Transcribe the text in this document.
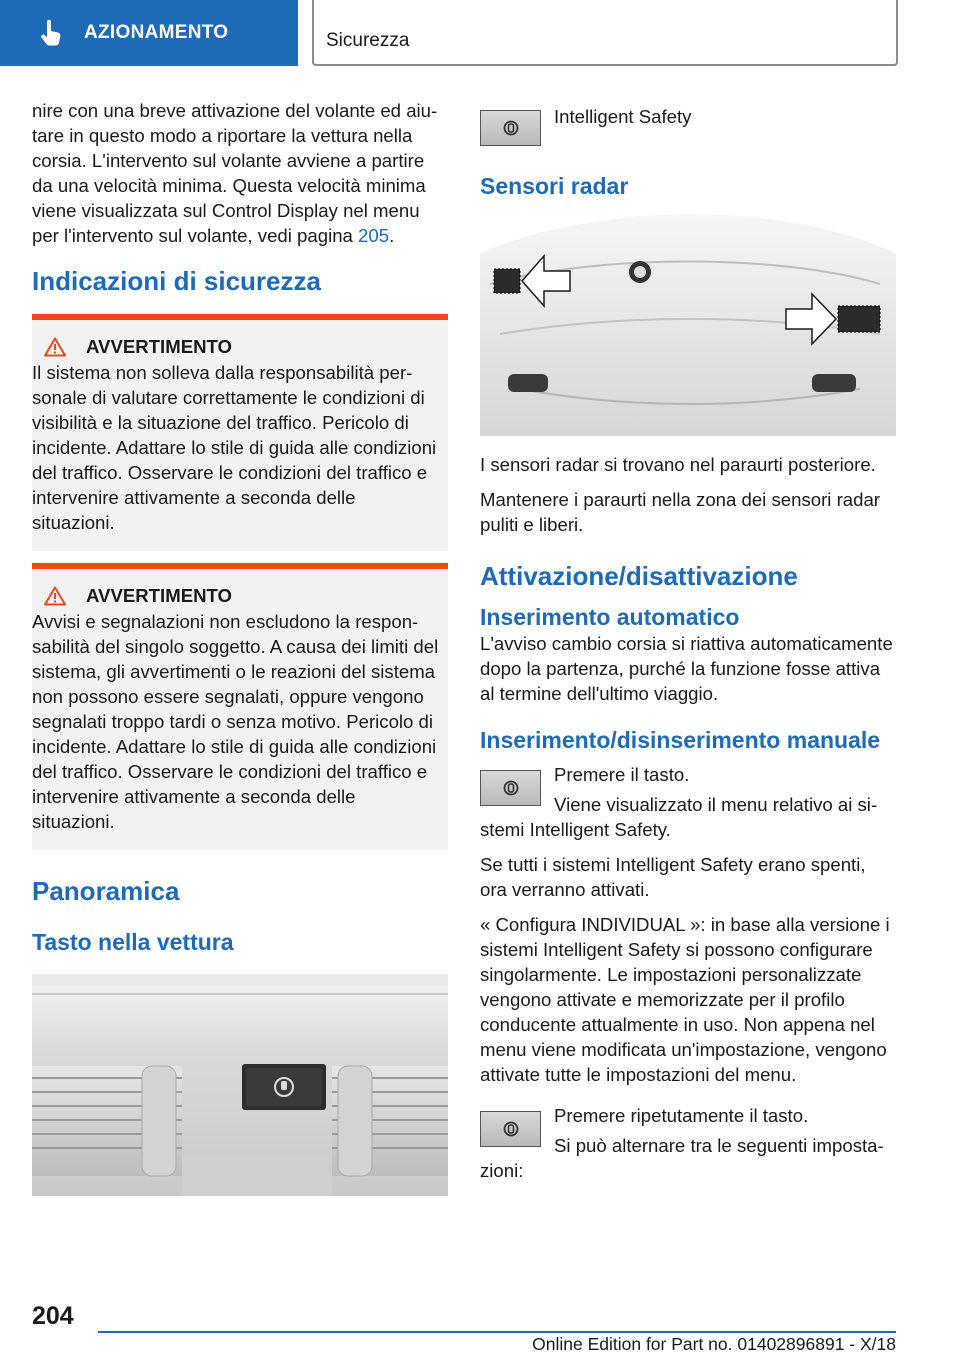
AZIONAMENTO	Sicurezza

nire con una breve attivazione del volante ed aiutare in questo modo a riportare la vettura nella corsia. L'intervento sul volante avviene a partire da una velocità minima. Questa velocità minima viene visualizzata sul Control Display nel menu per l'intervento sul volante, vedi pagina 205.

Indicazioni di sicurezza
AVVERTIMENTO

Il sistema non solleva dalla responsabilità personale di valutare correttamente le condizioni di visibilità e la situazione del traffico. Pericolo di incidente. Adattare lo stile di guida alle condizioni del traffico. Osservare le condizioni del traffico e intervenire attivamente a seconda delle situazioni.

AVVERTIMENTO

Avvisi e segnalazioni non escludono la responsabilità del singolo soggetto. A causa dei limiti del sistema, gli avvertimenti o le reazioni del sistema non possono essere segnalati, oppure vengono segnalati troppo tardi o senza motivo. Pericolo di incidente. Adattare lo stile di guida alle condizioni del traffico. Osservare le condizioni del traffico e intervenire attivamente a seconda delle situazioni.

Panoramica
Tasto nella vettura

Intelligent Safety

Sensori radar

I sensori radar si trovano nel paraurti posteriore.

Mantenere i paraurti nella zona dei sensori radar puliti e liberi.

Attivazione/disattivazione
Inserimento automatico

L'avviso cambio corsia si riattiva automaticamente dopo la partenza, purché la funzione fosse attiva al termine dell'ultimo viaggio.

Inserimento/disinserimento manuale

Premere il tasto.

Viene visualizzato il menu relativo ai sistemi Intelligent Safety.

Se tutti i sistemi Intelligent Safety erano spenti, ora verranno attivati.

« Configura INDIVIDUAL »: in base alla versione i sistemi Intelligent Safety si possono configurare singolarmente. Le impostazioni personalizzate vengono attivate e memorizzate per il profilo conducente attualmente in uso. Non appena nel menu viene modificata un'impostazione, vengono attivate tutte le impostazioni del menu.

Premere ripetutamente il tasto.

Si può alternare tra le seguenti impostazioni:

204
Online Edition for Part no. 01402896891 - X/18
